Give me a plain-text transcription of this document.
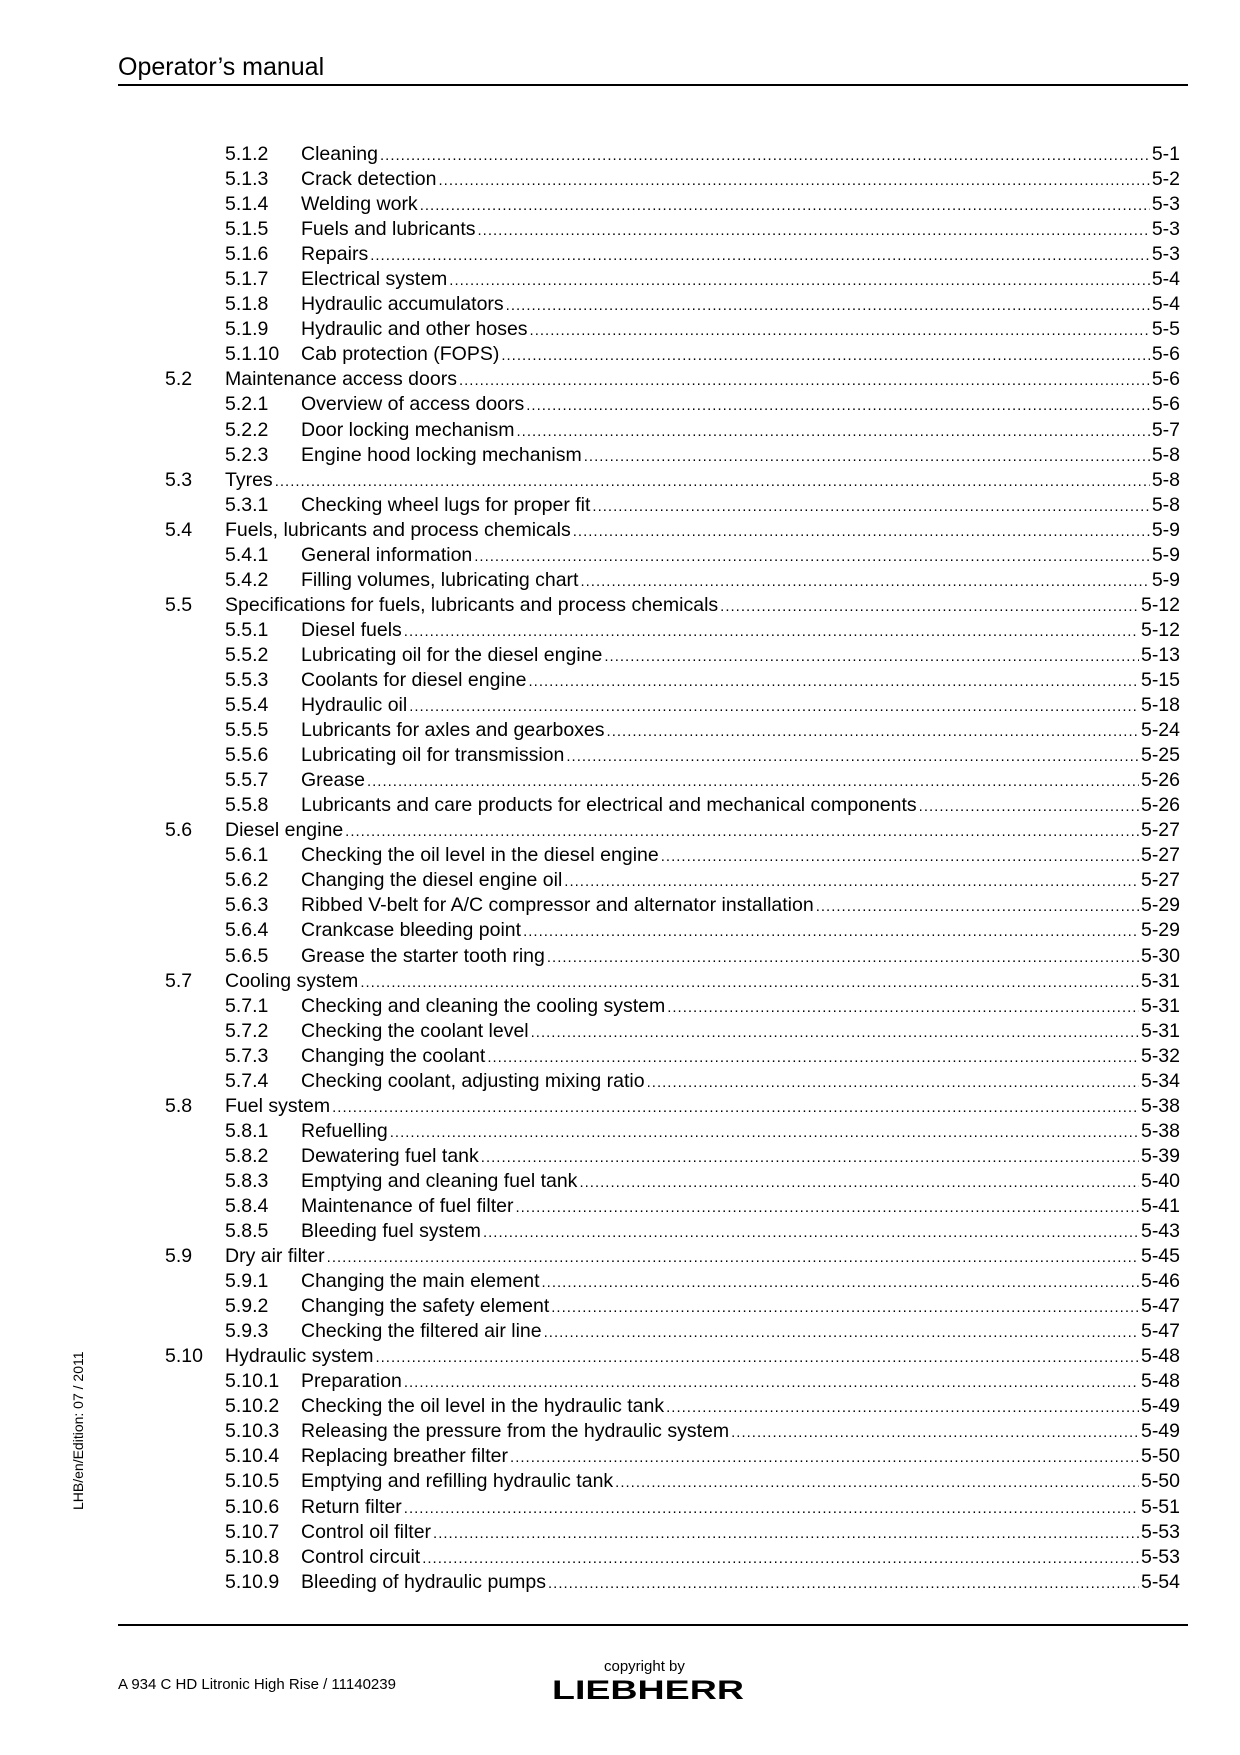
Operator’s manual
5.1.2 Cleaning .....	5-1
5.1.3 Crack detection .....	5-2
5.1.4 Welding work .....	5-3
5.1.5 Fuels and lubricants .....	5-3
5.1.6 Repairs .....	5-3
5.1.7 Electrical system .....	5-4
5.1.8 Hydraulic accumulators .....	5-4
5.1.9 Hydraulic and other hoses .....	5-5
5.1.10 Cab protection (FOPS) .....	5-6
5.2 Maintenance access doors .....	5-6
5.2.1 Overview of access doors .....	5-6
5.2.2 Door locking mechanism .....	5-7
5.2.3 Engine hood locking mechanism .....	5-8
5.3 Tyres .....	5-8
5.3.1 Checking wheel lugs for proper fit .....	5-8
5.4 Fuels, lubricants and process chemicals .....	5-9
5.4.1 General information .....	5-9
5.4.2 Filling volumes, lubricating chart .....	5-9
5.5 Specifications for fuels, lubricants and process chemicals .....	5-12
5.5.1 Diesel fuels .....	5-12
5.5.2 Lubricating oil for the diesel engine .....	5-13
5.5.3 Coolants for diesel engine .....	5-15
5.5.4 Hydraulic oil .....	5-18
5.5.5 Lubricants for axles and gearboxes .....	5-24
5.5.6 Lubricating oil for transmission .....	5-25
5.5.7 Grease .....	5-26
5.5.8 Lubricants and care products for electrical and mechanical components .....	5-26
5.6 Diesel engine .....	5-27
5.6.1 Checking the oil level in the diesel engine .....	5-27
5.6.2 Changing the diesel engine oil .....	5-27
5.6.3 Ribbed V-belt for A/C compressor and alternator installation .....	5-29
5.6.4 Crankcase bleeding point .....	5-29
5.6.5 Grease the starter tooth ring .....	5-30
5.7 Cooling system .....	5-31
5.7.1 Checking and cleaning the cooling system .....	5-31
5.7.2 Checking the coolant level .....	5-31
5.7.3 Changing the coolant .....	5-32
5.7.4 Checking coolant, adjusting mixing ratio .....	5-34
5.8 Fuel system .....	5-38
5.8.1 Refuelling .....	5-38
5.8.2 Dewatering fuel tank .....	5-39
5.8.3 Emptying and cleaning fuel tank .....	5-40
5.8.4 Maintenance of fuel filter .....	5-41
5.8.5 Bleeding fuel system .....	5-43
5.9 Dry air filter .....	5-45
5.9.1 Changing the main element .....	5-46
5.9.2 Changing the safety element .....	5-47
5.9.3 Checking the filtered air line .....	5-47
5.10 Hydraulic system .....	5-48
5.10.1 Preparation .....	5-48
5.10.2 Checking the oil level in the hydraulic tank .....	5-49
5.10.3 Releasing the pressure from the hydraulic system .....	5-49
5.10.4 Replacing breather filter .....	5-50
5.10.5 Emptying and refilling hydraulic tank .....	5-50
5.10.6 Return filter .....	5-51
5.10.7 Control oil filter .....	5-53
5.10.8 Control circuit .....	5-53
5.10.9 Bleeding of hydraulic pumps .....	5-54
LHB/en/Edition: 07 / 2011
A 934 C HD Litronic High Rise / 11140239
copyright by
LIEBHERR
